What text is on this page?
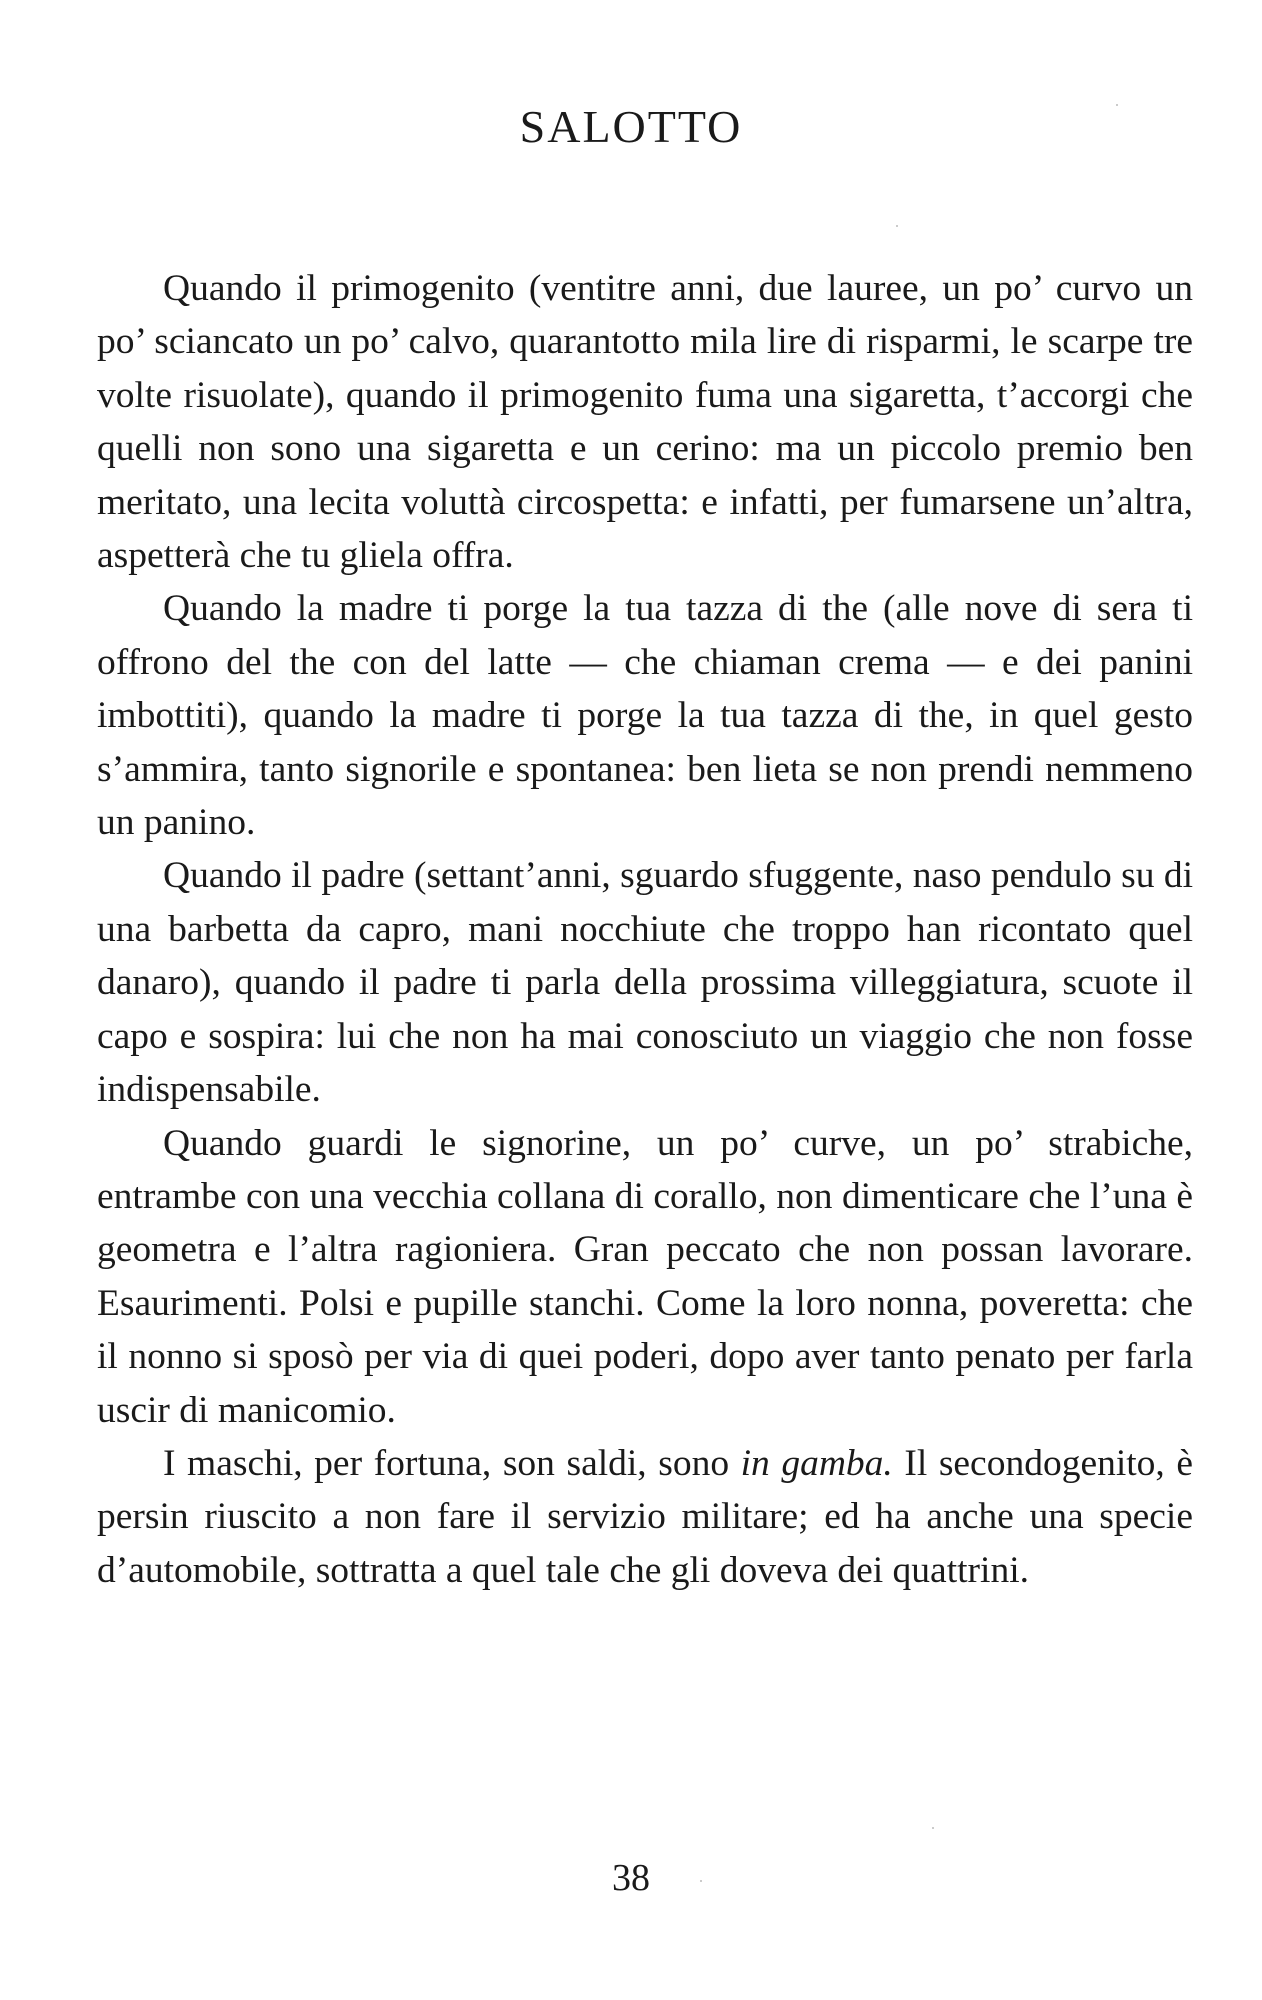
SALOTTO

Quando il primogenito (ventitre anni, due lauree, un po’ curvo un po’ sciancato un po’ calvo, quarantotto mila lire di risparmi, le scarpe tre volte risuolate), quando il primogenito fuma una sigaretta, t’accorgi che quelli non sono una sigaretta e un cerino: ma un piccolo premio ben meritato, una lecita voluttà circospetta: e infatti, per fumarsene un’altra, aspetterà che tu gliela offra.

Quando la madre ti porge la tua tazza di the (alle nove di sera ti offrono del the con del latte — che chiaman crema — e dei panini imbottiti), quando la madre ti porge la tua tazza di the, in quel gesto s’ammira, tanto signorile e spontanea: ben lieta se non prendi nemmeno un panino.

Quando il padre (settant’anni, sguardo sfuggente, naso pendulo su di una barbetta da capro, mani nocchiute che troppo han ricontato quel danaro), quando il padre ti parla della prossima villeggiatura, scuote il capo e sospira: lui che non ha mai conosciuto un viaggio che non fosse indispensabile.

Quando guardi le signorine, un po’ curve, un po’ strabiche, entrambe con una vecchia collana di corallo, non dimenticare che l’una è geometra e l’altra ragioniera. Gran peccato che non possan lavorare. Esaurimenti. Polsi e pupille stanchi. Come la loro nonna, poveretta: che il nonno si sposò per via di quei poderi, dopo aver tanto penato per farla uscir di manicomio.

I maschi, per fortuna, son saldi, sono in gamba. Il secondogenito, è persin riuscito a non fare il servizio militare; ed ha anche una specie d’automobile, sottratta a quel tale che gli doveva dei quattrini.

38
